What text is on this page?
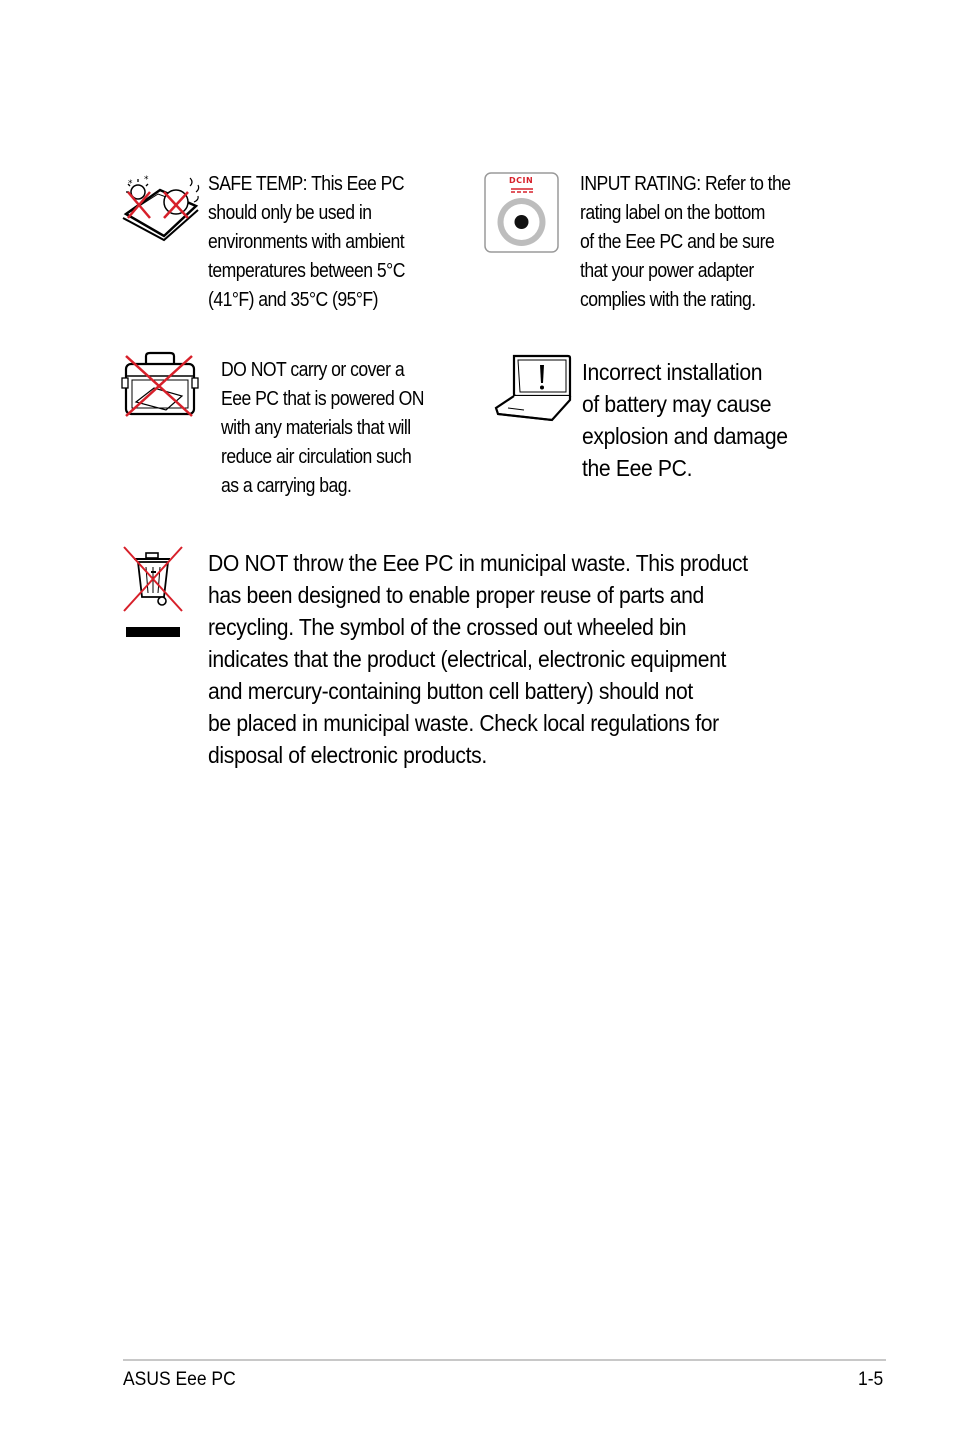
* *	SAFE TEMP: This Eee PC
should only be used in
environments with ambient
temperatures between 5°C
(41°F) and 35°C (95°F)
DCIN INPUT RATING: Refer to the
rating label on the bottom
of the Eee PC and be sure
that your power adapter
complies with the rating.
DO NOT carry or cover a
Eee PC that is powered ON
with any materials that will
reduce air circulation such
as a carrying bag.
Incorrect installation
of battery may cause
explosion and damage
the Eee PC.
DO NOT throw the Eee PC in municipal waste. This product
has been designed to enable proper reuse of parts and
recycling. The symbol of the crossed out wheeled bin
indicates that the product (electrical, electronic equipment
and mercury-containing button cell battery) should not
be placed in municipal waste. Check local regulations for
disposal of electronic products.
ASUS Eee PC	1-5
